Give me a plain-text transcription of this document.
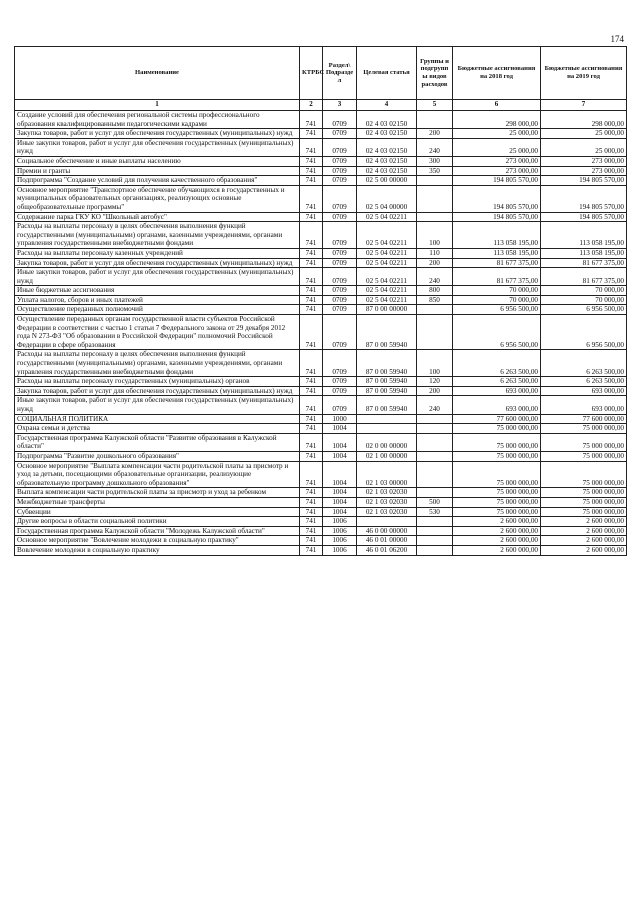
174
Наименование	КТРБС	Раздел\ Подразде л	Целевая статья	Группы и подгрупп ы видов расходов	Бюджетные ассигнования на 2018 год	Бюджетные ассигнования на 2019 год
1	2	3	4	5	6	7
Создание условий для обеспечения региональной системы профессионального образования квалифицированными педагогическими кадрами	741	0709	02 4 03 02150		298 000,00	298 000,00
Закупка товаров, работ и услуг для обеспечения государственных (муниципальных) нужд	741	0709	02 4 03 02150	200	25 000,00	25 000,00
Иные закупки товаров, работ и услуг для обеспечения государственных (муниципальных) нужд	741	0709	02 4 03 02150	240	25 000,00	25 000,00
Социальное обеспечение и иные выплаты населению	741	0709	02 4 03 02150	300	273 000,00	273 000,00
Премии и гранты	741	0709	02 4 03 02150	350	273 000,00	273 000,00
Подпрограмма "Создание условий для получения качественного образования"	741	0709	02 5 00 00000		194 805 570,00	194 805 570,00
Основное мероприятие "Транспортное обеспечение обучающихся в государственных и муниципальных образовательных организациях, реализующих основные общеобразовательные программы"	741	0709	02 5 04 00000		194 805 570,00	194 805 570,00
Содержание парка ГКУ КО "Школьный автобус"	741	0709	02 5 04 02211		194 805 570,00	194 805 570,00
Расходы на выплаты персоналу в целях обеспечения выполнения функций государственными (муниципальными) органами, казенными учреждениями, органами управления государственными внебюджетными фондами	741	0709	02 5 04 02211	100	113 058 195,00	113 058 195,00
Расходы на выплаты персоналу казенных учреждений	741	0709	02 5 04 02211	110	113 058 195,00	113 058 195,00
Закупка товаров, работ и услуг для обеспечения государственных (муниципальных) нужд	741	0709	02 5 04 02211	200	81 677 375,00	81 677 375,00
Иные закупки товаров, работ и услуг для обеспечения государственных (муниципальных) нужд	741	0709	02 5 04 02211	240	81 677 375,00	81 677 375,00
Иные бюджетные ассигнования	741	0709	02 5 04 02211	800	70 000,00	70 000,00
Уплата налогов, сборов и иных платежей	741	0709	02 5 04 02211	850	70 000,00	70 000,00
Осуществление переданных полномочий	741	0709	87 0 00 00000		6 956 500,00	6 956 500,00
Осуществление переданных органам государственной власти субъектов Российской Федерации в соответствии с частью 1 статьи 7 Федерального закона от 29 декабря 2012 года N 273-ФЗ "Об образовании в Российской Федерации" полномочий Российской Федерации в сфере образования	741	0709	87 0 00 59940		6 956 500,00	6 956 500,00
Расходы на выплаты персоналу в целях обеспечения выполнения функций государственными (муниципальными) органами, казенными учреждениями, органами управления государственными внебюджетными фондами	741	0709	87 0 00 59940	100	6 263 500,00	6 263 500,00
Расходы на выплаты персоналу государственных (муниципальных) органов	741	0709	87 0 00 59940	120	6 263 500,00	6 263 500,00
Закупка товаров, работ и услуг для обеспечения государственных (муниципальных) нужд	741	0709	87 0 00 59940	200	693 000,00	693 000,00
Иные закупки товаров, работ и услуг для обеспечения государственных (муниципальных) нужд	741	0709	87 0 00 59940	240	693 000,00	693 000,00
СОЦИАЛЬНАЯ ПОЛИТИКА	741	1000			77 600 000,00	77 600 000,00
Охрана семьи и детства	741	1004			75 000 000,00	75 000 000,00
Государственная программа Калужской области "Развитие образования в Калужской области"	741	1004	02 0 00 00000		75 000 000,00	75 000 000,00
Подпрограмма "Развитие дошкольного образования"	741	1004	02 1 00 00000		75 000 000,00	75 000 000,00
Основное мероприятие "Выплата компенсации части родительской платы за присмотр и уход за детьми, посещающими образовательные организации, реализующие образовательную программу дошкольного образования"	741	1004	02 1 03 00000		75 000 000,00	75 000 000,00
Выплата компенсации части родительской платы за присмотр и уход за ребенком	741	1004	02 1 03 02030		75 000 000,00	75 000 000,00
Межбюджетные трансферты	741	1004	02 1 03 02030	500	75 000 000,00	75 000 000,00
Субвенции	741	1004	02 1 03 02030	530	75 000 000,00	75 000 000,00
Другие вопросы в области социальной политики	741	1006			2 600 000,00	2 600 000,00
Государственная программа Калужской области "Молодежь Калужской области"	741	1006	46 0 00 00000		2 600 000,00	2 600 000,00
Основное мероприятие "Вовлечение молодежи в социальную практику"	741	1006	46 0 01 00000		2 600 000,00	2 600 000,00
Вовлечение молодежи в социальную практику	741	1006	46 0 01 06200		2 600 000,00	2 600 000,00
